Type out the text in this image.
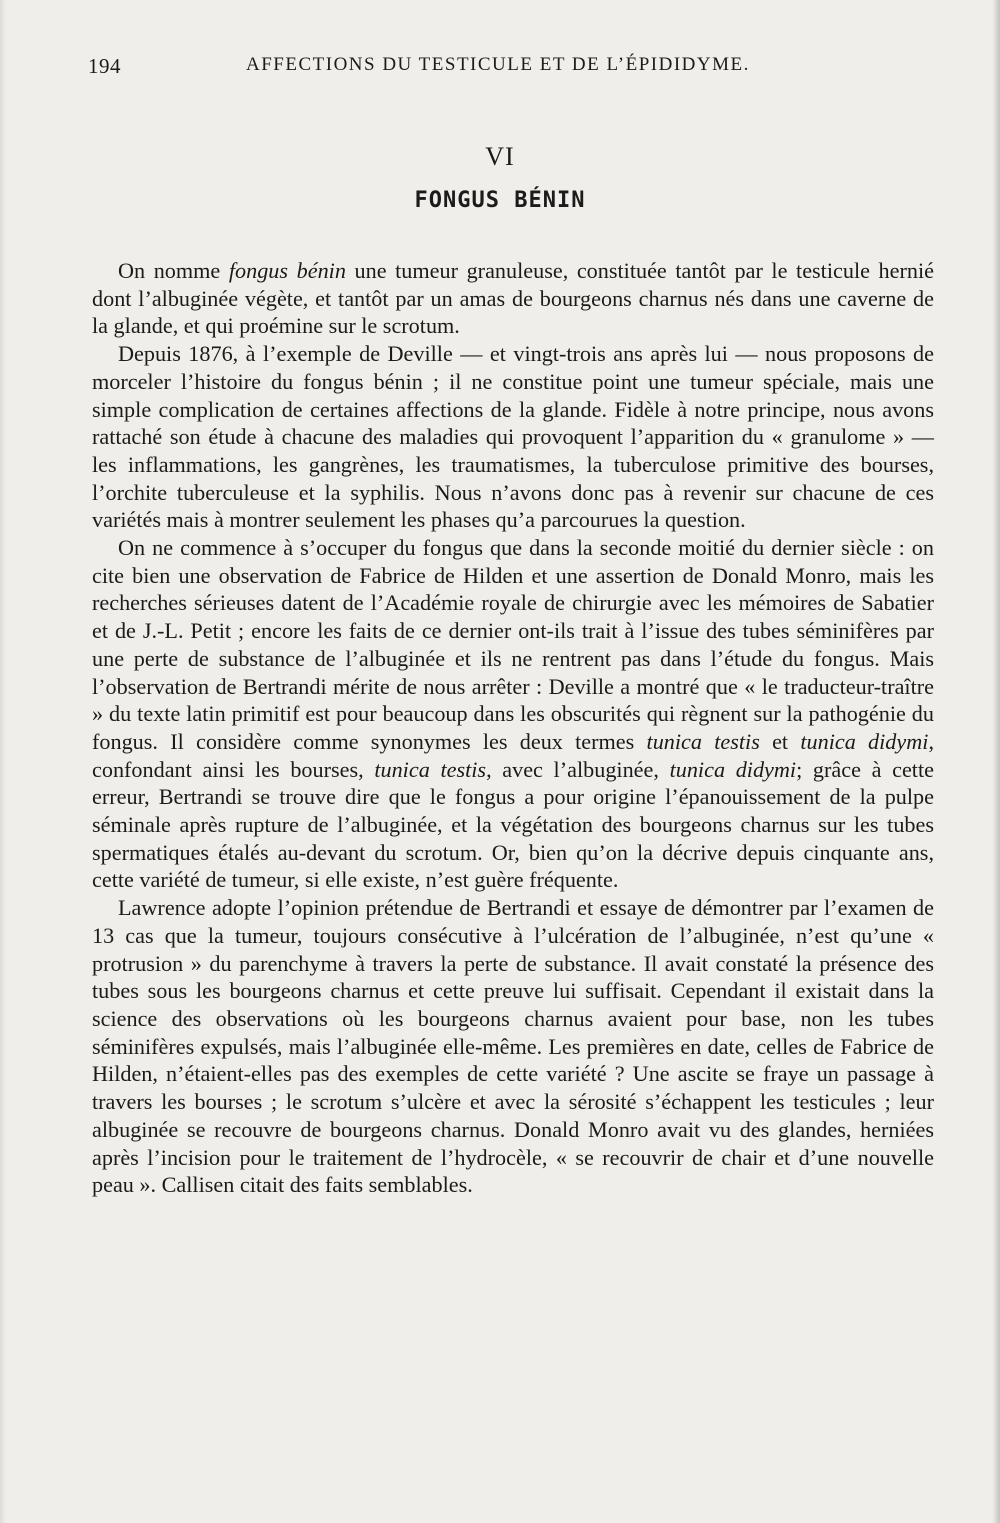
194	AFFECTIONS DU TESTICULE ET DE L’ÉPIDIDYME.
VI
FONGUS BÉNIN

On nomme fongus bénin une tumeur granuleuse, constituée tantôt par le testicule hernié dont l’albuginée végète, et tantôt par un amas de bourgeons charnus nés dans une caverne de la glande, et qui proémine sur le scrotum.

Depuis 1876, à l’exemple de Deville — et vingt-trois ans après lui — nous proposons de morceler l’histoire du fongus bénin ; il ne constitue point une tumeur spéciale, mais une simple complication de certaines affections de la glande. Fidèle à notre principe, nous avons rattaché son étude à chacune des maladies qui provoquent l’apparition du « granulome » — les inflammations, les gangrènes, les traumatismes, la tuberculose primitive des bourses, l’orchite tuberculeuse et la syphilis. Nous n’avons donc pas à revenir sur chacune de ces variétés mais à montrer seulement les phases qu’a parcourues la question.

On ne commence à s’occuper du fongus que dans la seconde moitié du dernier siècle : on cite bien une observation de Fabrice de Hilden et une assertion de Donald Monro, mais les recherches sérieuses datent de l’Académie royale de chirurgie avec les mémoires de Sabatier et de J.-L. Petit ; encore les faits de ce dernier ont-ils trait à l’issue des tubes séminifères par une perte de substance de l’albuginée et ils ne rentrent pas dans l’étude du fongus. Mais l’observation de Bertrandi mérite de nous arrêter : Deville a montré que « le traducteur-traître » du texte latin primitif est pour beaucoup dans les obscurités qui règnent sur la pathogénie du fongus. Il considère comme synonymes les deux termes tunica testis et tunica didymi, confondant ainsi les bourses, tunica testis, avec l’albuginée, tunica didymi; grâce à cette erreur, Bertrandi se trouve dire que le fongus a pour origine l’épanouissement de la pulpe séminale après rupture de l’albuginée, et la végétation des bourgeons charnus sur les tubes spermatiques étalés au-devant du scrotum. Or, bien qu’on la décrive depuis cinquante ans, cette variété de tumeur, si elle existe, n’est guère fréquente.

Lawrence adopte l’opinion prétendue de Bertrandi et essaye de démontrer par l’examen de 13 cas que la tumeur, toujours consécutive à l’ulcération de l’albuginée, n’est qu’une « protrusion » du parenchyme à travers la perte de substance. Il avait constaté la présence des tubes sous les bourgeons charnus et cette preuve lui suffisait. Cependant il existait dans la science des observations où les bourgeons charnus avaient pour base, non les tubes séminifères expulsés, mais l’albuginée elle-même. Les premières en date, celles de Fabrice de Hilden, n’étaient-elles pas des exemples de cette variété ? Une ascite se fraye un passage à travers les bourses ; le scrotum s’ulcère et avec la sérosité s’échappent les testicules ; leur albuginée se recouvre de bourgeons charnus. Donald Monro avait vu des glandes, herniées après l’incision pour le traitement de l’hydrocèle, « se recouvrir de chair et d’une nouvelle peau ». Callisen citait des faits semblables.
